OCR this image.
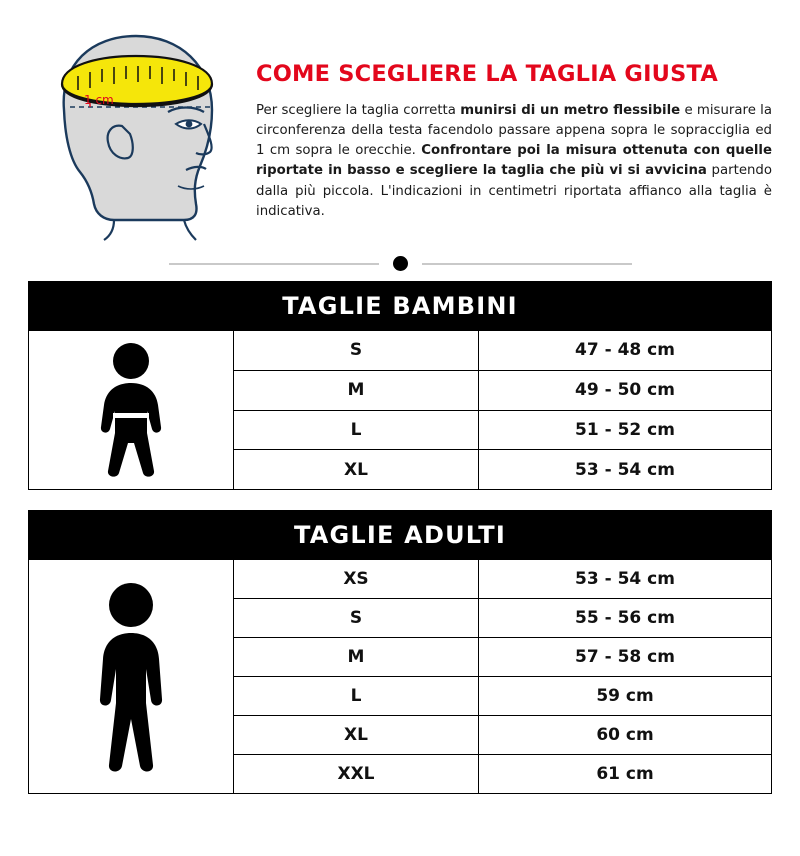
1 cm
COME SCEGLIERE LA TAGLIA GIUSTA

Per scegliere la taglia corretta munirsi di un metro flessibile e misurare la circonferenza della testa facendolo passare appena sopra le sopracciglia ed 1 cm sopra le orecchie. Confrontare poi la misura ottenuta con quelle riportate in basso e scegliere la taglia che più vi si avvicina partendo dalla più piccola. L'indicazioni in centimetri riportata affianco alla taglia è indicativa.

TAGLIE BAMBINI
S	47 - 48 cm
M	49 - 50 cm
L	51 - 52 cm
XL	53 - 54 cm
TAGLIE ADULTI
XS	53 - 54 cm
S	55 - 56 cm
M	57 - 58 cm
L	59 cm
XL	60 cm
XXL	61 cm
